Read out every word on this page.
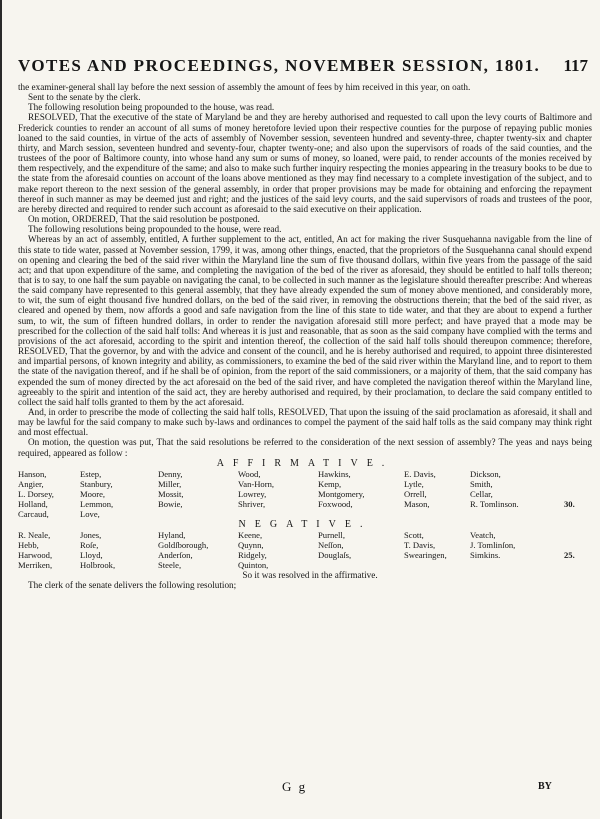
VOTES AND PROCEEDINGS, NOVEMBER SESSION, 1801. 117

the examiner-general shall lay before the next session of assembly the amount of fees by him received in this year, on oath.

Sent to the senate by the clerk.

The following resolution being propounded to the house, was read.

RESOLVED, That the executive of the state of Maryland be and they are hereby authorised and requested to call upon the levy courts of Baltimore and Frederick counties to render an account of all sums of money heretofore levied upon their respective counties for the purpose of repaying public monies loaned to the said counties, in virtue of the acts of assembly of November session, seventeen hundred and seventy-three, chapter twenty-six and chapter thirty, and March session, seventeen hundred and seventy-four, chapter twenty-one; and also upon the supervisors of roads of the said counties, and the trustees of the poor of Baltimore county, into whose hand any sum or sums of money, so loaned, were paid, to render accounts of the monies received by them respectively, and the expenditure of the same; and also to make such further inquiry respecting the monies appearing in the treasury books to be due to the state from the aforesaid counties on account of the loans above mentioned as they may find necessary to a complete investigation of the subject, and to make report thereon to the next session of the general assembly, in order that proper provisions may be made for obtaining and enforcing the repayment thereof in such manner as may be deemed just and right; and the justices of the said levy courts, and the said supervisors of roads and trustees of the poor, are hereby directed and required to render such account as aforesaid to the said executive on their application.

On motion, ORDERED, That the said resolution be postponed.

The following resolutions being propounded to the house, were read.

Whereas by an act of assembly, entitled, A further supplement to the act, entitled, An act for making the river Susquehanna navigable from the line of this state to tide water, passed at November session, 1799, it was, among other things, enacted, that the proprietors of the Susquehanna canal should expend on opening and clearing the bed of the said river within the Maryland line the sum of five thousand dollars, within five years from the passage of the said act; and that upon expenditure of the same, and completing the navigation of the bed of the river as aforesaid, they should be entitled to half tolls thereon; that is to say, to one half the sum payable on navigating the canal, to be collected in such manner as the legislature should thereafter prescribe: And whereas the said company have represented to this general assembly, that they have already expended the sum of money above mentioned, and considerably more, to wit, the sum of eight thousand five hundred dollars, on the bed of the said river, in removing the obstructions therein; that the bed of the said river, as cleared and opened by them, now affords a good and safe navigation from the line of this state to tide water, and that they are about to expend a further sum, to wit, the sum of fifteen hundred dollars, in order to render the navigation aforesaid still more perfect; and have prayed that a mode may be prescribed for the collection of the said half tolls: And whereas it is just and reasonable, that as soon as the said company have complied with the terms and provisions of the act aforesaid, according to the spirit and intention thereof, the collection of the said half tolls should thereupon commence; therefore, RESOLVED, That the governor, by and with the advice and consent of the council, and he is hereby authorised and required, to appoint three disinterested and impartial persons, of known integrity and ability, as commissioners, to examine the bed of the said river within the Maryland line, and to report to them the state of the navigation thereof, and if he shall be of opinion, from the report of the said commissioners, or a majority of them, that the said company has expended the sum of money directed by the act aforesaid on the bed of the said river, and have completed the navigation thereof within the Maryland line, agreeably to the spirit and intention of the said act, they are hereby authorised and required, by their proclamation, to declare the said company entitled to collect the said half tolls granted to them by the act aforesaid.

And, in order to prescribe the mode of collecting the said half tolls, RESOLVED, That upon the issuing of the said proclamation as aforesaid, it shall and may be lawful for the said company to make such by-laws and ordinances to compel the payment of the said half tolls as the said company may think right and most effectual.

On motion, the question was put, That the said resolutions be referred to the consideration of the next session of assembly? The yeas and nays being required, appeared as follow :

AFFIRMATIVE.
Hanson,	Estep,	Denny,	Wood,	Hawkins,	E. Davis,	Dickson,	
Angier,	Stanbury,	Miller,	Van-Horn,	Kemp,	Lytle,	Smith,	
L. Dorsey,	Moore,	Mossit,	Lowrey,	Montgomery,	Orrell,	Cellar,	
Holland,	Lemmon,	Bowie,	Shriver,	Foxwood,	Mason,	R. Tomlinson.	30.
Carcaud,	Love,						
NEGATIVE.
R. Neale,	Jones,	Hyland,	Keene,	Purnell,	Scott,	Veatch,	
Hebb,	Roſe,	Goldſborough,	Quynn,	Neſſon,	T. Davis,	J. Tomlinſon,	
Harwood,	Lloyd,	Anderſon,	Ridgely,	Douglaſs,	Swearingen,	Simkins.	25.
Merriken,	Holbrook,	Steele,	Quinton,				

So it was resolved in the affirmative.

The clerk of the senate delivers the following resolution;

G g	BY
